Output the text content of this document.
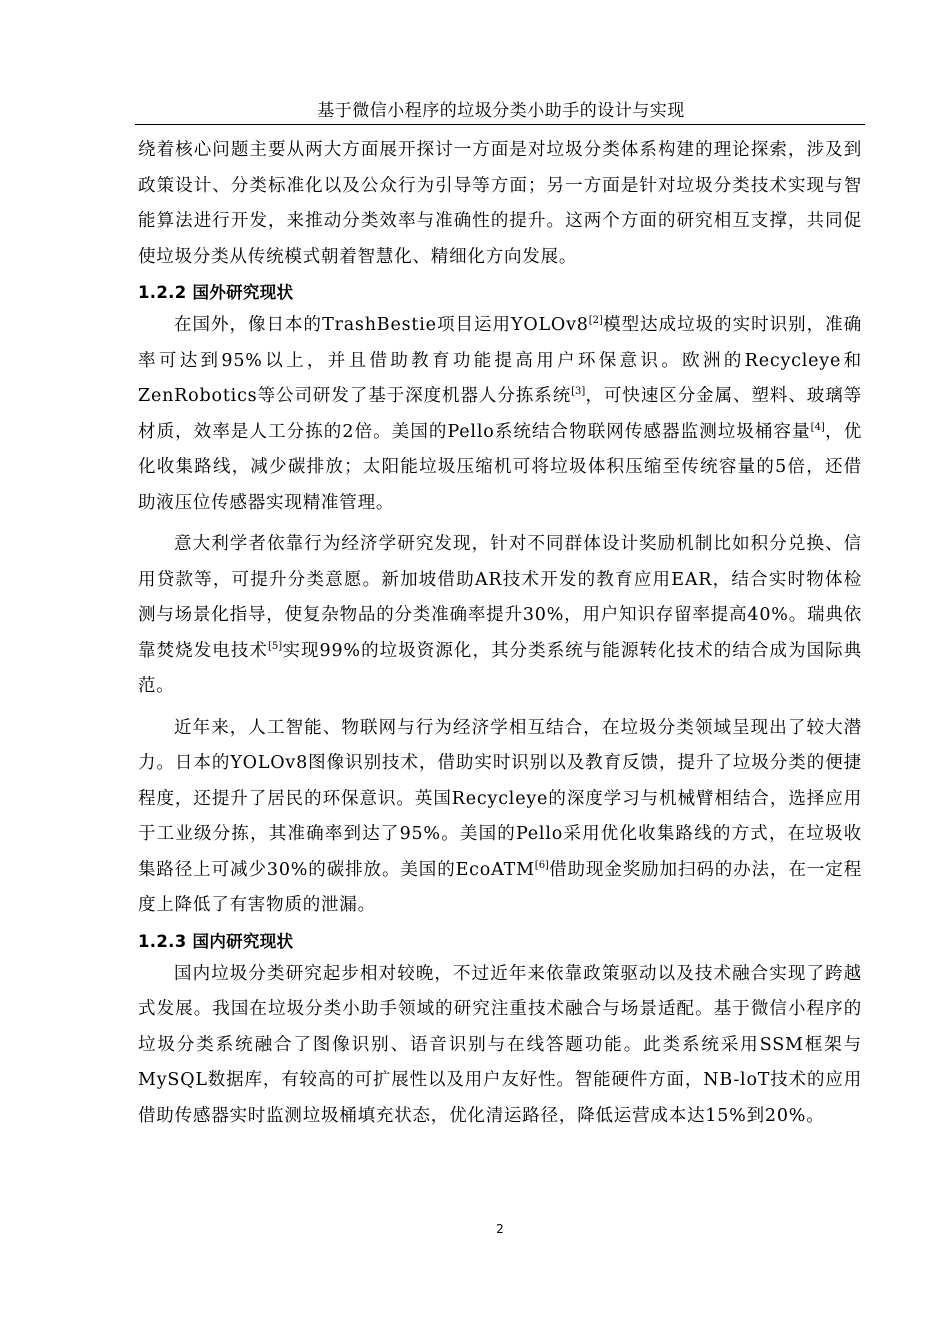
基于微信小程序的垃圾分类小助手的设计与实现

绕着核心问题主要从两大方面展开探讨一方面是对垃圾分类体系构建的理论探索，涉及到政策设计、分类标准化以及公众行为引导等方面；另一方面是针对垃圾分类技术实现与智能算法进行开发，来推动分类效率与准确性的提升。这两个方面的研究相互支撑，共同促使垃圾分类从传统模式朝着智慧化、精细化方向发展。

1.2.2 国外研究现状

在国外，像日本的TrashBestie项目运用YOLOv8[2]模型达成垃圾的实时识别，准确率可达到95%以上，并且借助教育功能提高用户环保意识。欧洲的Recycleye和ZenRobotics等公司研发了基于深度机器人分拣系统[3]，可快速区分金属、塑料、玻璃等材质，效率是人工分拣的2倍。美国的Pello系统结合物联网传感器监测垃圾桶容量[4]，优化收集路线，减少碳排放；太阳能垃圾压缩机可将垃圾体积压缩至传统容量的5倍，还借助液压位传感器实现精准管理。

意大利学者依靠行为经济学研究发现，针对不同群体设计奖励机制比如积分兑换、信用贷款等，可提升分类意愿。新加坡借助AR技术开发的教育应用EAR，结合实时物体检测与场景化指导，使复杂物品的分类准确率提升30%，用户知识存留率提高40%。瑞典依靠焚烧发电技术[5]实现99%的垃圾资源化，其分类系统与能源转化技术的结合成为国际典范。

近年来，人工智能、物联网与行为经济学相互结合，在垃圾分类领域呈现出了较大潜力。日本的YOLOv8图像识别技术，借助实时识别以及教育反馈，提升了垃圾分类的便捷程度，还提升了居民的环保意识。英国Recycleye的深度学习与机械臂相结合，选择应用于工业级分拣，其准确率到达了95%。美国的Pello采用优化收集路线的方式，在垃圾收集路径上可减少30%的碳排放。美国的EcoATM[6]借助现金奖励加扫码的办法，在一定程度上降低了有害物质的泄漏。

1.2.3 国内研究现状

国内垃圾分类研究起步相对较晚，不过近年来依靠政策驱动以及技术融合实现了跨越式发展。我国在垃圾分类小助手领域的研究注重技术融合与场景适配。基于微信小程序的垃圾分类系统融合了图像识别、语音识别与在线答题功能。此类系统采用SSM框架与MySQL数据库，有较高的可扩展性以及用户友好性。智能硬件方面，NB-loT技术的应用借助传感器实时监测垃圾桶填充状态，优化清运路径，降低运营成本达15%到20%。

2
